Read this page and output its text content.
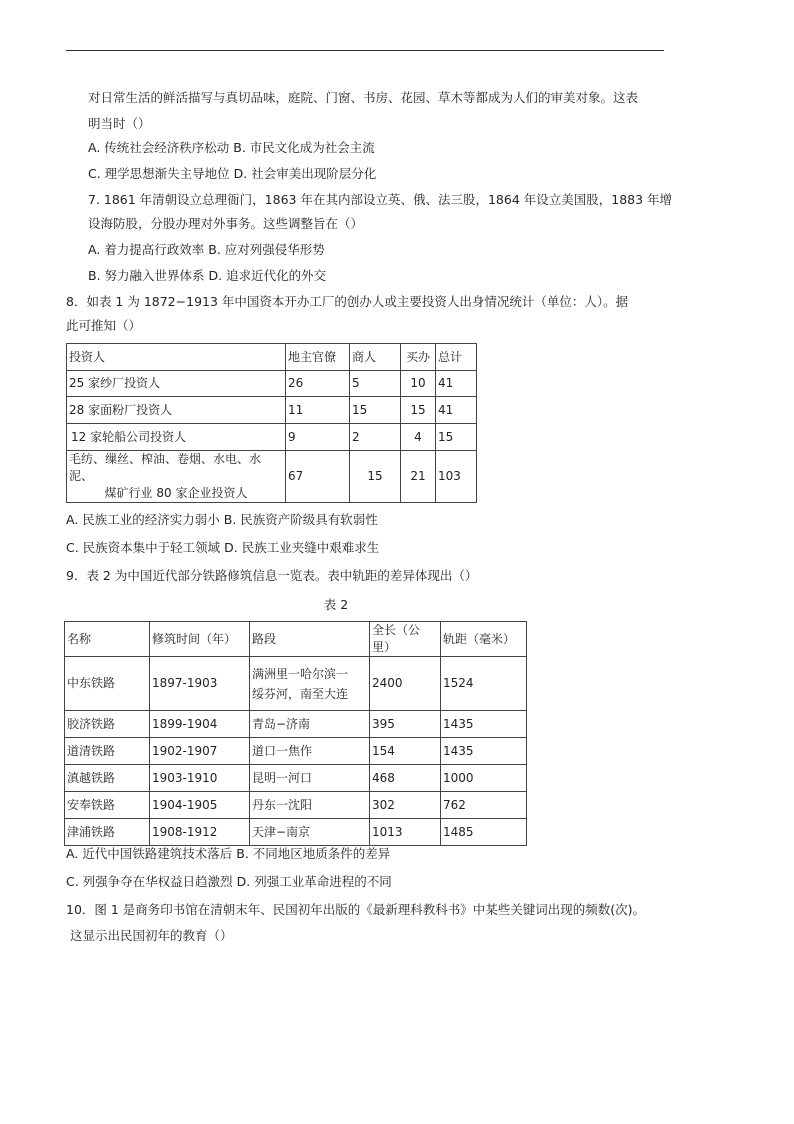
对日常生活的鲜活描写与真切品味，庭院、门窗、书房、花园、草木等都成为人们的审美对象。这表
明当时（）
A. 传统社会经济秩序松动 B. 市民文化成为社会主流
C. 理学思想渐失主导地位 D. 社会审美出现阶层分化
7. 1861 年清朝设立总理衙门，1863 年在其内部设立英、俄、法三股，1864 年设立美国股，1883 年增
设海防股，分股办理对外事务。这些调整旨在（）
A. 着力提高行政效率 B. 应对列强侵华形势
B. 努力融入世界体系 D. 追求近代化的外交
8．如表 1 为 1872−1913 年中国资本开办工厂的创办人或主要投资人出身情况统计（单位：人）。据
此可推知（）
投资人	地主官僚	商人	买办	总计
25 家纱厂投资人	26	5	10	41
28 家面粉厂投资人	11	15	15	41
12 家轮船公司投资人	9	2	4	15

毛纺、缫丝、榨油、卷烟、水电、水泥、
煤矿行业 80 家企业投资人	67	15	21	103
A. 民族工业的经济实力弱小 B. 民族资产阶级具有软弱性
C. 民族资本集中于轻工领域 D. 民族工业夹缝中艰难求生
9．表 2 为中国近代部分铁路修筑信息一览表。表中轨距的差异体现出（）
表 2
名称	修筑时间（年）	路段	全长（公里）	轨距（毫米）
中东铁路	1897-1903	满洲里一哈尔滨一
绥芬河，南至大连	2400	1524
胶济铁路	1899-1904	青岛−济南	395	1435
道清铁路	1902-1907	道口一焦作	154	1435
滇越铁路	1903-1910	昆明一河口	468	1000
安奉铁路	1904-1905	丹东一沈阳	302	762
津浦铁路	1908-1912	天津−南京	1013	1485
A. 近代中国铁路建筑技术落后 B. 不同地区地质条件的差异
C. 列强争夺在华权益日趋激烈 D. 列强工业革命进程的不同
10．图 1 是商务印书馆在清朝末年、民国初年出版的《最新理科教科书》中某些关键词出现的频数(次)。
这显示出民国初年的教育（）
